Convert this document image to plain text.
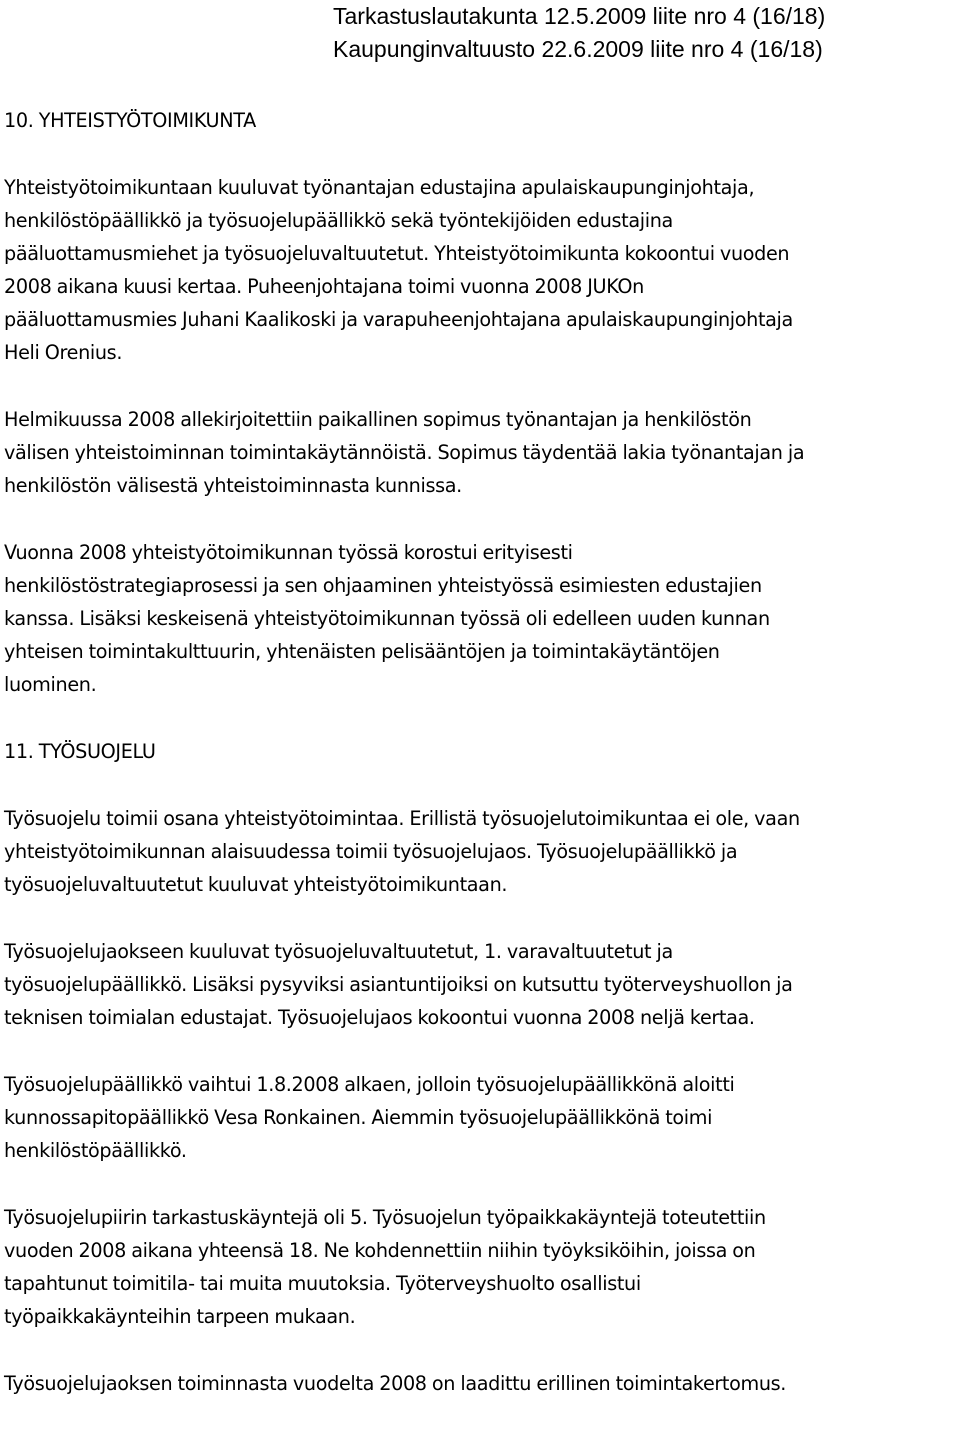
Tarkastuslautakunta 12.5.2009 liite nro 4 (16/18)
Kaupunginvaltuusto 22.6.2009 liite nro 4 (16/18)
10. YHTEISTYÖTOIMIKUNTA

Yhteistyötoimikuntaan kuuluvat työnantajan edustajina apulaiskaupunginjohtaja,
henkilöstöpäällikkö ja työsuojelupäällikkö sekä työntekijöiden edustajina
pääluottamusmiehet ja työsuojeluvaltuutetut. Yhteistyötoimikunta kokoontui vuoden
2008 aikana kuusi kertaa. Puheenjohtajana toimi vuonna 2008 JUKOn
pääluottamusmies Juhani Kaalikoski ja varapuheenjohtajana apulaiskaupunginjohtaja
Heli Orenius.

Helmikuussa 2008 allekirjoitettiin paikallinen sopimus työnantajan ja henkilöstön
välisen yhteistoiminnan toimintakäytännöistä. Sopimus täydentää lakia työnantajan ja
henkilöstön välisestä yhteistoiminnasta kunnissa.

Vuonna 2008 yhteistyötoimikunnan työssä korostui erityisesti
henkilöstöstrategiaprosessi ja sen ohjaaminen yhteistyössä esimiesten edustajien
kanssa. Lisäksi keskeisenä yhteistyötoimikunnan työssä oli edelleen uuden kunnan
yhteisen toimintakulttuurin, yhtenäisten pelisääntöjen ja toimintakäytäntöjen
luominen.

11. TYÖSUOJELU

Työsuojelu toimii osana yhteistyötoimintaa. Erillistä työsuojelutoimikuntaa ei ole, vaan
yhteistyötoimikunnan alaisuudessa toimii työsuojelujaos. Työsuojelupäällikkö ja
työsuojeluvaltuutetut kuuluvat yhteistyötoimikuntaan.

Työsuojelujaokseen kuuluvat työsuojeluvaltuutetut, 1. varavaltuutetut ja
työsuojelupäällikkö. Lisäksi pysyviksi asiantuntijoiksi on kutsuttu työterveyshuollon ja
teknisen toimialan edustajat. Työsuojelujaos kokoontui vuonna 2008 neljä kertaa.

Työsuojelupäällikkö vaihtui 1.8.2008 alkaen, jolloin työsuojelupäällikkönä aloitti
kunnossapitopäällikkö Vesa Ronkainen. Aiemmin työsuojelupäällikkönä toimi
henkilöstöpäällikkö.

Työsuojelupiirin tarkastuskäyntejä oli 5. Työsuojelun työpaikkakäyntejä toteutettiin
vuoden 2008 aikana yhteensä 18. Ne kohdennettiin niihin työyksiköihin, joissa on
tapahtunut toimitila- tai muita muutoksia. Työterveyshuolto osallistui
työpaikkakäynteihin tarpeen mukaan.

Työsuojelujaoksen toiminnasta vuodelta 2008 on laadittu erillinen toimintakertomus.
